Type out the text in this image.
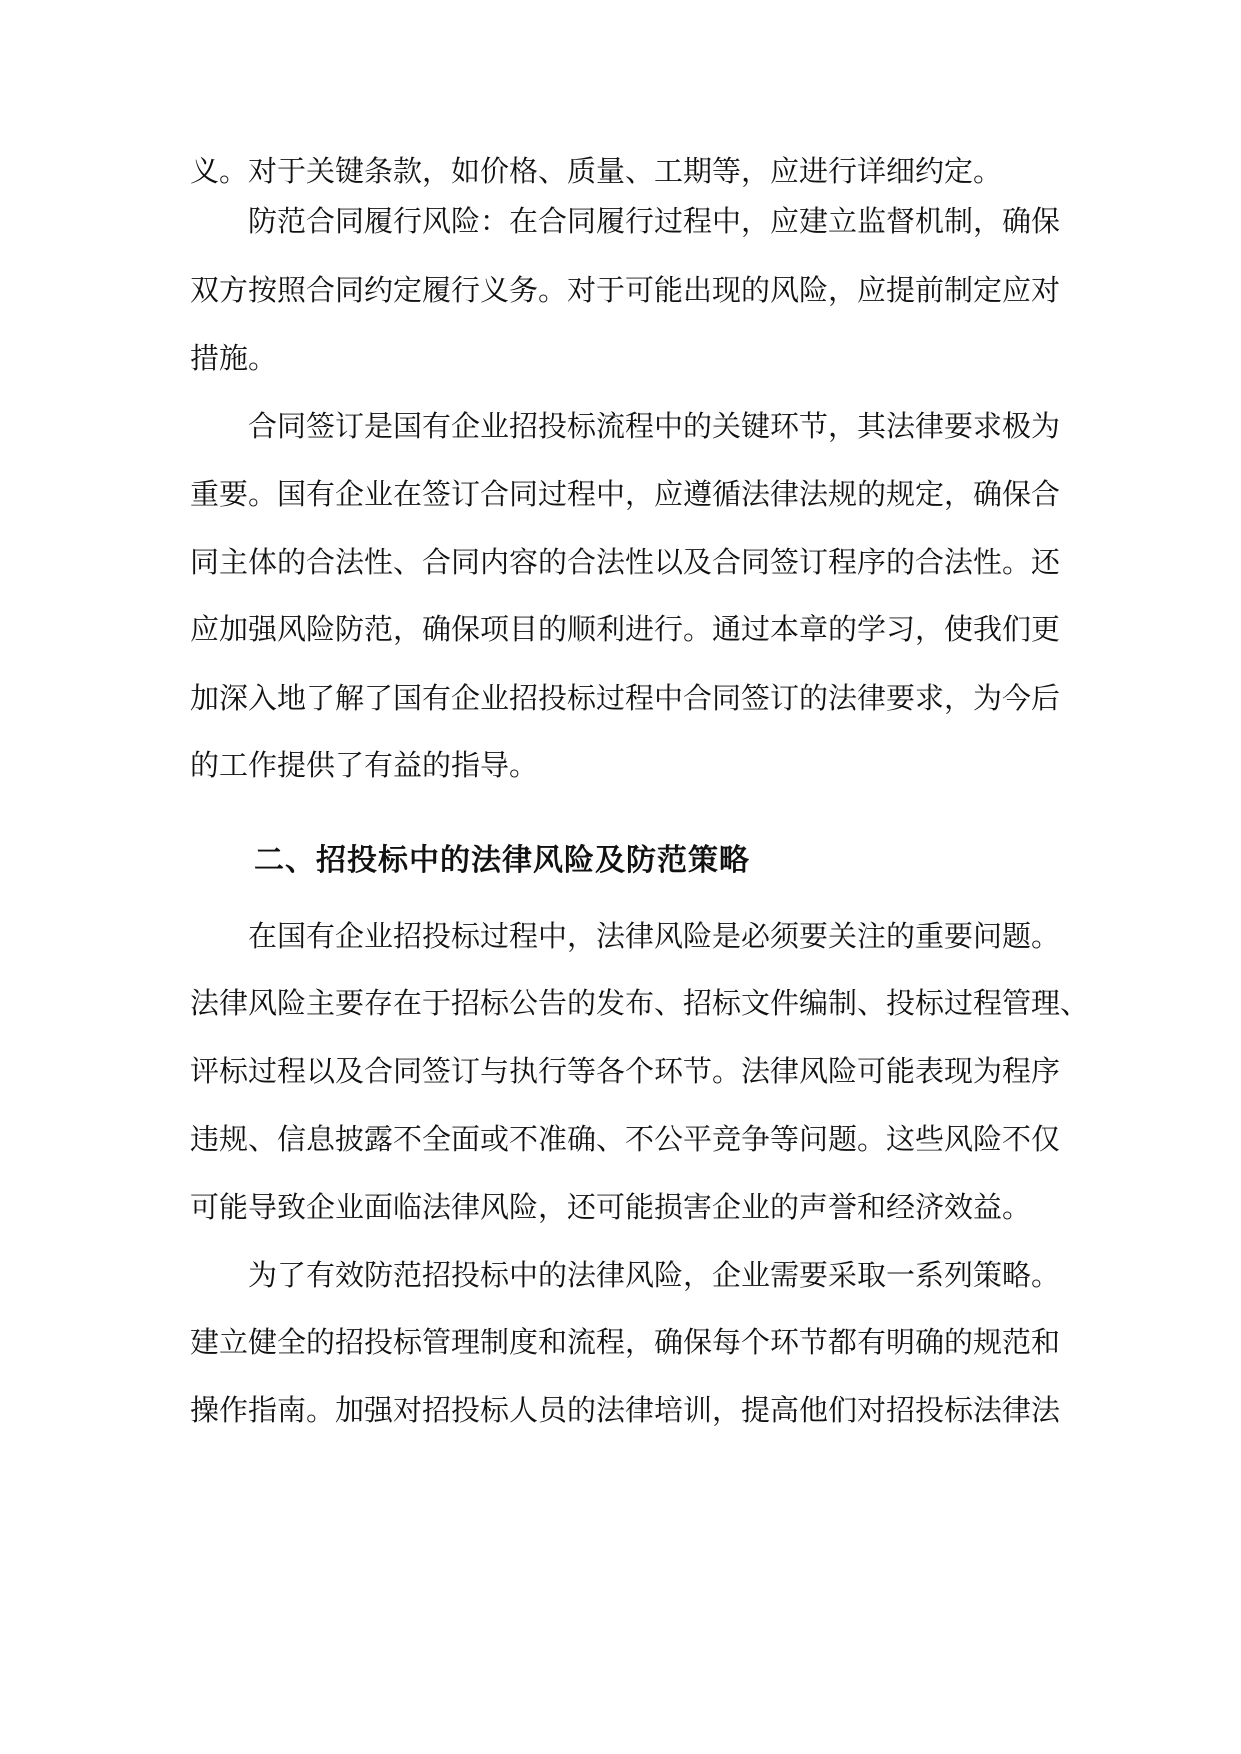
义。对于关键条款，如价格、质量、工期等，应进行详细约定。
防范合同履行风险：在合同履行过程中，应建立监督机制，确保
双方按照合同约定履行义务。对于可能出现的风险，应提前制定应对
措施。
合同签订是国有企业招投标流程中的关键环节，其法律要求极为
重要。国有企业在签订合同过程中，应遵循法律法规的规定，确保合
同主体的合法性、合同内容的合法性以及合同签订程序的合法性。还
应加强风险防范，确保项目的顺利进行。通过本章的学习，使我们更
加深入地了解了国有企业招投标过程中合同签订的法律要求，为今后
的工作提供了有益的指导。
二、招投标中的法律风险及防范策略
在国有企业招投标过程中，法律风险是必须要关注的重要问题。
法律风险主要存在于招标公告的发布、招标文件编制、投标过程管理、
评标过程以及合同签订与执行等各个环节。法律风险可能表现为程序
违规、信息披露不全面或不准确、不公平竞争等问题。这些风险不仅
可能导致企业面临法律风险，还可能损害企业的声誉和经济效益。
为了有效防范招投标中的法律风险，企业需要采取一系列策略。
建立健全的招投标管理制度和流程，确保每个环节都有明确的规范和
操作指南。加强对招投标人员的法律培训，提高他们对招投标法律法
